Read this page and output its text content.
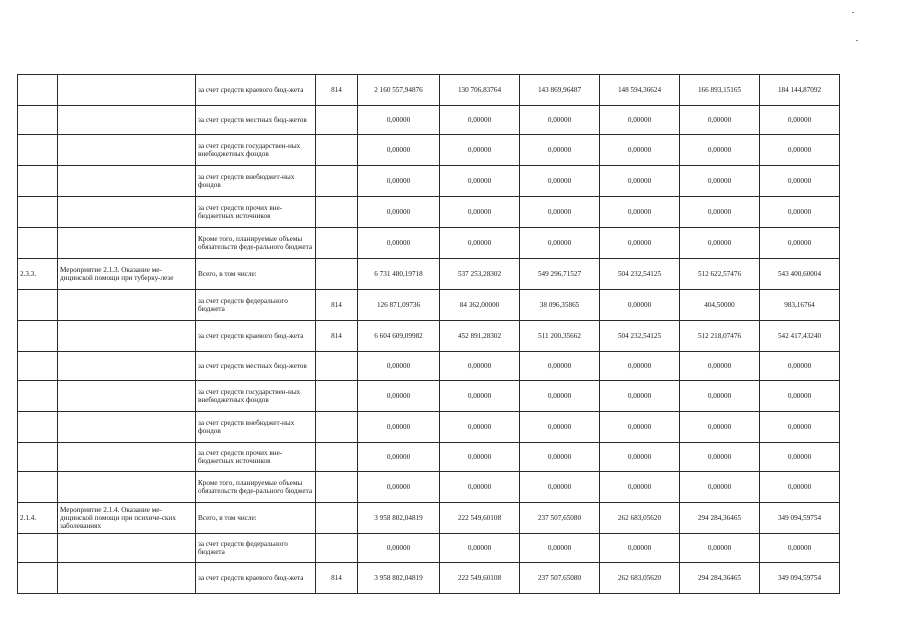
		за счет средств краевого бюд-жета	814	2 160 557,94876	130 706,83764	143 869,96487	148 594,36624	166 893,15165	184 144,87092
		за счет средств местных бюд-жетов		0,00000	0,00000	0,00000	0,00000	0,00000	0,00000
		за счет средств государствен-ных внебюджетных фондов		0,00000	0,00000	0,00000	0,00000	0,00000	0,00000
		за счет средств внебюджет-ных фондов		0,00000	0,00000	0,00000	0,00000	0,00000	0,00000
		за счет средств прочих вне-бюджетных источников		0,00000	0,00000	0,00000	0,00000	0,00000	0,00000
		Кроме того, планируемые объемы обязательств феде-рального бюджета		0,00000	0,00000	0,00000	0,00000	0,00000	0,00000
2.3.3.	Мероприятие 2.1.3. Оказание ме-дицинской помощи при туберку-лезе	Всего, в том числе:		6 731 480,19718	537 253,28302	549 296,71527	504 232,54125	512 622,57476	543 400,60004
		за счет средств федерального бюджета	814	126 871,09736	84 362,00000	38 096,35865	0,00000	404,50000	983,16764
		за счет средств краевого бюд-жета	814	6 604 609,09982	452 891,28302	511 200,35662	504 232,54125	512 218,07476	542 417,43240
		за счет средств местных бюд-жетов		0,00000	0,00000	0,00000	0,00000	0,00000	0,00000
		за счет средств государствен-ных внебюджетных фондов		0,00000	0,00000	0,00000	0,00000	0,00000	0,00000
		за счет средств внебюджет-ных фондов		0,00000	0,00000	0,00000	0,00000	0,00000	0,00000
		за счет средств прочих вне-бюджетных источников		0,00000	0,00000	0,00000	0,00000	0,00000	0,00000
		Кроме того, планируемые объемы обязательств феде-рального бюджета		0,00000	0,00000	0,00000	0,00000	0,00000	0,00000
2.1.4.	Мероприятие 2.1.4. Оказание ме-дицинской помощи при психиче-ских заболеваниях	Всего, в том числе:		3 958 802,04819	222 549,60108	237 507,65080	262 683,05620	294 284,36465	349 094,59754
		за счет средств федерального бюджета		0,00000	0,00000	0,00000	0,00000	0,00000	0,00000
		за счет средств краевого бюд-жета	814	3 958 802,04819	222 549,60108	237 507,65080	262 683,05620	294 284,36465	349 094,59754
